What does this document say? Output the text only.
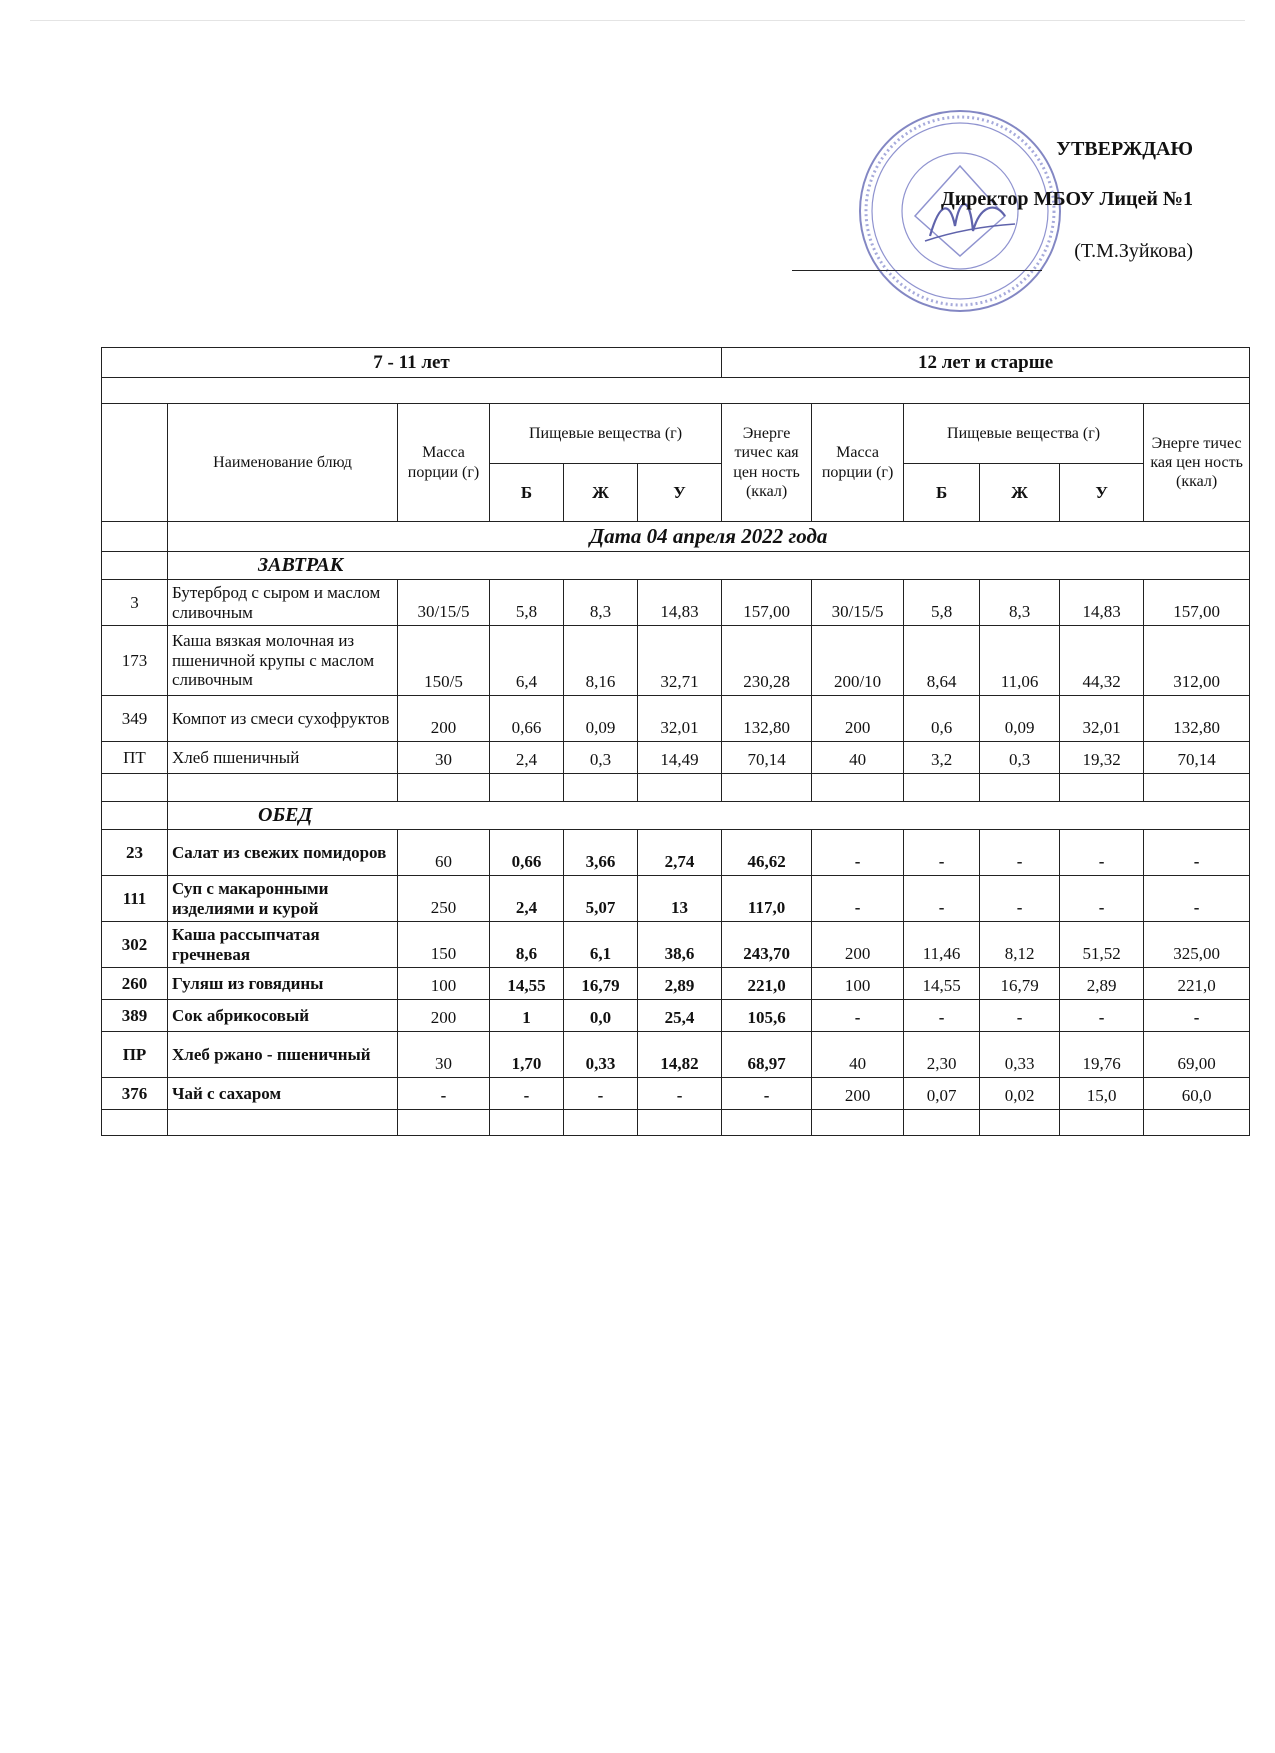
УТВЕРЖДАЮ
Директор МБОУ Лицей №1
(Т.М.Зуйкова)
7 - 11 лет						12 лет и старше					

	Наименование блюд	Масса порции (г)	Пищевые вещества (г)			Энерге тичес кая цен ность (ккал)	Масса порции (г)	Пищевые вещества (г)			Энерге тичес кая цен ность (ккал)
			Б	Ж	У			Б	Ж	У	
	Дата 04 апреля 2022 года										
	ЗАВТРАК										
3	Бутерброд с сыром и маслом сливочным	30/15/5	5,8	8,3	14,83	157,00	30/15/5	5,8	8,3	14,83	157,00
173	Каша вязкая молочная из пшеничной крупы с маслом сливочным	150/5	6,4	8,16	32,71	230,28	200/10	8,64	11,06	44,32	312,00
349	Компот из смеси сухофруктов	200	0,66	0,09	32,01	132,80	200	0,6	0,09	32,01	132,80
ПТ	Хлеб пшеничный	30	2,4	0,3	14,49	70,14	40	3,2	0,3	19,32	70,14

	ОБЕД										
23	Салат из свежих помидоров	60	0,66	3,66	2,74	46,62	-	-	-	-	-
111	Суп с макаронными изделиями и курой	250	2,4	5,07	13	117,0	-	-	-	-	-
302	Каша рассыпчатая гречневая	150	8,6	6,1	38,6	243,70	200	11,46	8,12	51,52	325,00
260	Гуляш из говядины	100	14,55	16,79	2,89	221,0	100	14,55	16,79	2,89	221,0
389	Сок абрикосовый	200	1	0,0	25,4	105,6	-	-	-	-	-
ПР	Хлеб ржано - пшеничный	30	1,70	0,33	14,82	68,97	40	2,30	0,33	19,76	69,00
376	Чай с сахаром	-	-	-	-	-	200	0,07	0,02	15,0	60,0
